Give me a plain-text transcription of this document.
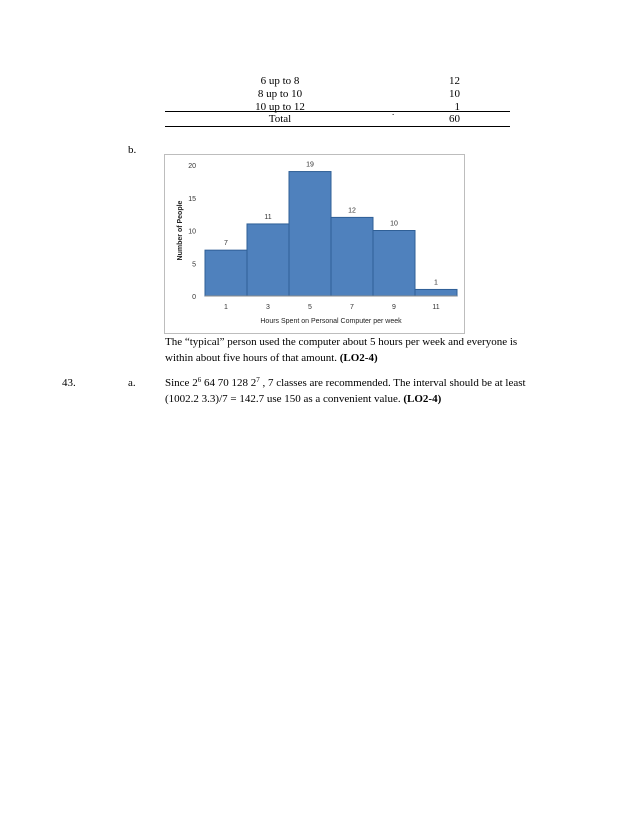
6 up to 8	12
8 up to 10	10
10 up to 12	1
.
Total	60
b.
0
5
10
15
20
Number of People	7
1
11
3
19
5
12
7
10
9
1
11
Hours Spent on Personal Computer per week
The “typical” person used the computer about 5 hours per week and everyone is
within about five hours of that amount. (LO2-4)
43.	a.	Since $2^6$ 64 70 128 $2^7$ , 7 classes are recommended. The interval should be at least
(1002.2 3.3)/7 = 142.7 use 150 as a convenient value. (LO2-4)
